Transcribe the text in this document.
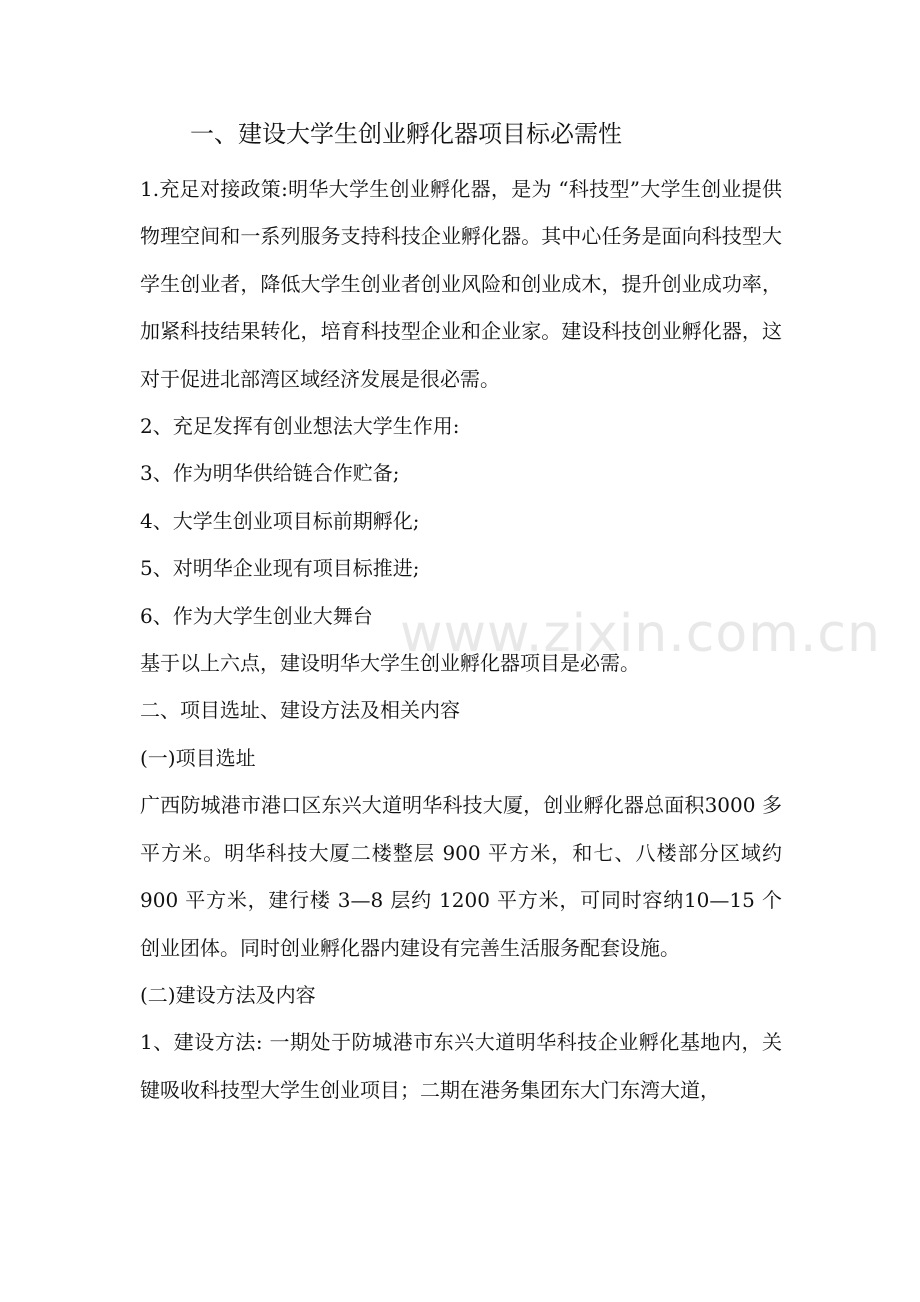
一、建设大学生创业孵化器项目标必需性

1.充足对接政策:明华大学生创业孵化器，是为 “科技型”大学生创业提供物理空间和一系列服务支持科技企业孵化器。其中心任务是面向科技型大学生创业者，降低大学生创业者创业风险和创业成木，提升创业成功率，加紧科技结果转化，培育科技型企业和企业家。建设科技创业孵化器，这对于促进北部湾区域经济发展是很必需。

2、充足发挥有创业想法大学生作用:

3、作为明华供给链合作贮备;

4、大学生创业项目标前期孵化;

5、对明华企业现有项目标推进;

6、作为大学生创业大舞台

基于以上六点，建设明华大学生创业孵化器项目是必需。

二、项目选址、建设方法及相关内容

(一)项目选址

广西防城港市港口区东兴大道明华科技大厦，创业孵化器总面积3000 多平方米。明华科技大厦二楼整层 900 平方米，和七、八楼部分区域约 900 平方米，建行楼 3—8 层约 1200 平方米，可同时容纳10—15 个创业团体。同时创业孵化器内建设有完善生活服务配套设施。

(二)建设方法及内容

1、建设方法: 一期处于防城港市东兴大道明华科技企业孵化基地内，关键吸收科技型大学生创业项目；二期在港务集团东大门东湾大道，

www.zixin.com.cn
